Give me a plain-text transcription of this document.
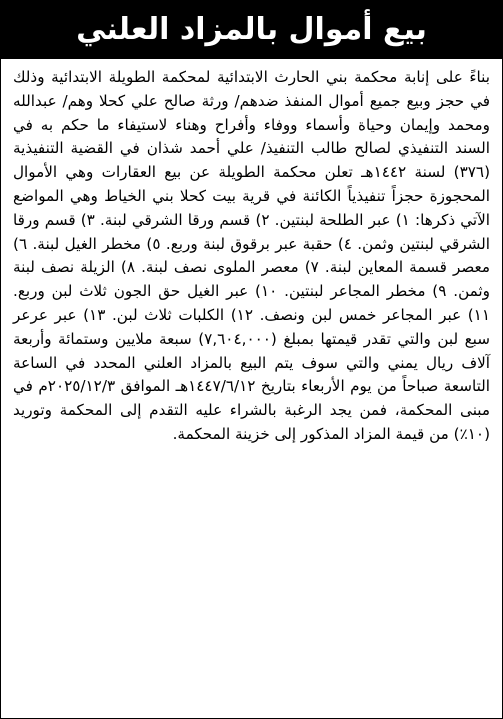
بيع أموال بالمزاد العلني
بناءً على إنابة محكمة بني الحارث الابتدائية لمحكمة الطويلة الابتدائية وذلك في حجز وبيع جميع أموال المنفذ ضدهم/ ورثة صالح علي كحلا وهم/ عبدالله ومحمد وإيمان وحياة وأسماء ووفاء وأفراح وهناء لاستيفاء ما حكم به في السند التنفيذي لصالح طالب التنفيذ/ علي أحمد شذان في القضية التنفيذية (٣٧٦) لسنة ١٤٤٢هـ تعلن محكمة الطويلة عن بيع العقارات وهي الأموال المحجوزة حجزاً تنفيذياً الكائنة في قرية بيت كحلا بني الخياط وهي المواضع الآتي ذكرها: ١) عبر الطلحة لبنتين. ٢) قسم ورقا الشرقي لبنة. ٣) قسم ورقا الشرقي لبنتين وثمن. ٤) حقبة عبر برقوق لبنة وربع. ٥) مخطر الغيل لبنة. ٦) معصر قسمة المعاين لبنة. ٧) معصر الملوى نصف لبنة. ٨) الزيلة نصف لبنة وثمن. ٩) مخطر المجاعر لبنتين. ١٠) عبر الغيل حق الجون ثلاث لبن وربع. ١١) عبر المجاعر خمس لبن ونصف. ١٢) الكلبات ثلاث لبن. ١٣) عبر عرعر سبع لبن والتي تقدر قيمتها بمبلغ (٧,٦٠٤,٠٠٠) سبعة ملايين وستمائة وأربعة آلاف ريال يمني والتي سوف يتم البيع بالمزاد العلني المحدد في الساعة التاسعة صباحاً من يوم الأربعاء بتاريخ ١٤٤٧/٦/١٢هـ الموافق ٢٠٢٥/١٢/٣م في مبنى المحكمة، فمن يجد الرغبة بالشراء عليه التقدم إلى المحكمة وتوريد (١٠٪) من قيمة المزاد المذكور إلى خزينة المحكمة.
